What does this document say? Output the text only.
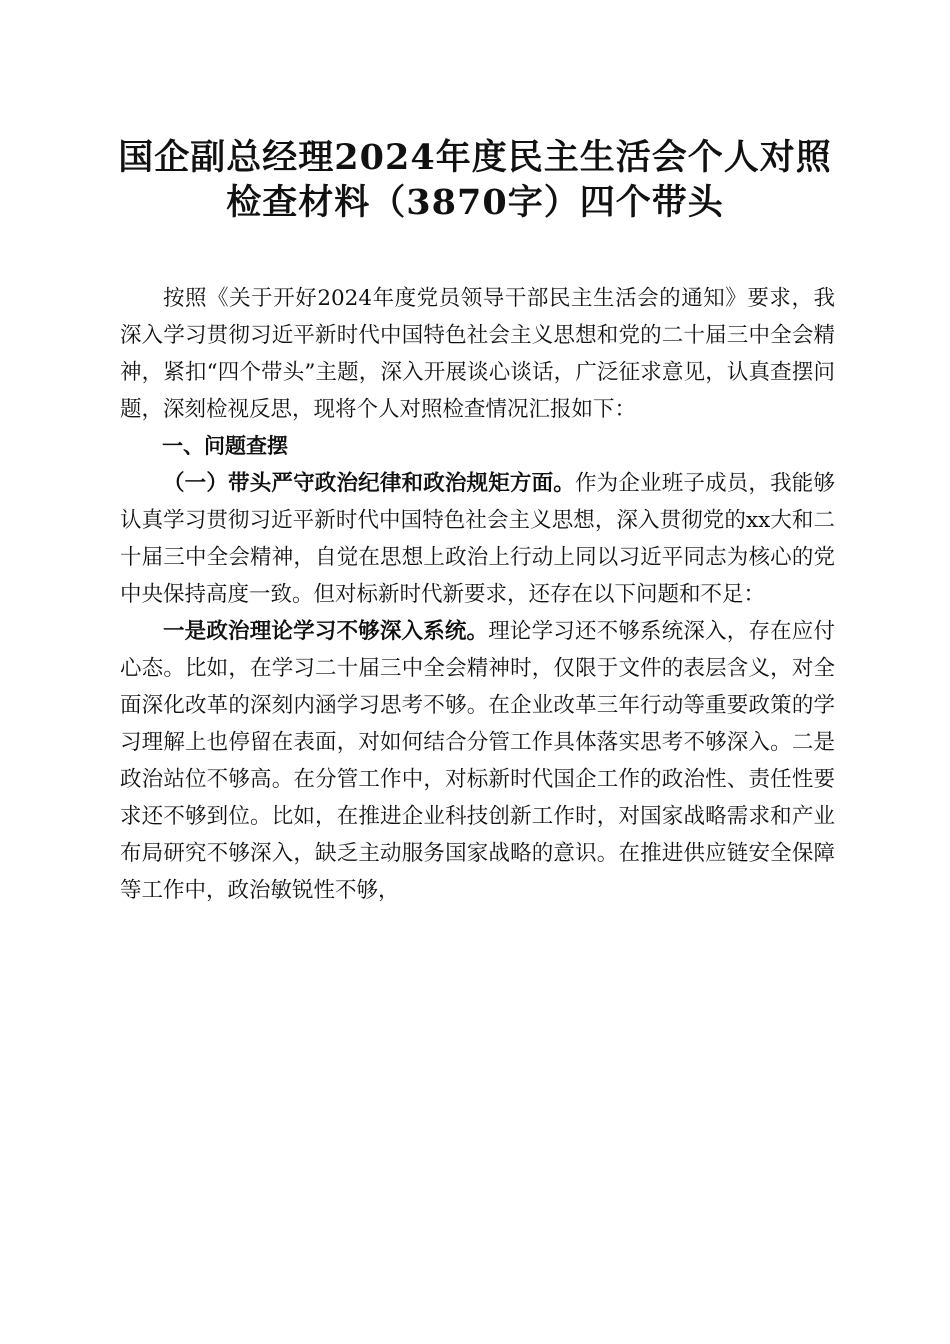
国企副总经理2024年度民主生活会个人对照
检查材料（3870字）四个带头

按照《关于开好2024年度党员领导干部民主生活会的通知》要求，我深入学习贯彻习近平新时代中国特色社会主义思想和党的二十届三中全会精神，紧扣“四个带头”主题，深入开展谈心谈话，广泛征求意见，认真查摆问题，深刻检视反思，现将个人对照检查情况汇报如下：

一、问题查摆

（一）带头严守政治纪律和政治规矩方面。作为企业班子成员，我能够认真学习贯彻习近平新时代中国特色社会主义思想，深入贯彻党的xx大和二十届三中全会精神，自觉在思想上政治上行动上同以习近平同志为核心的党中央保持高度一致。但对标新时代新要求，还存在以下问题和不足：

一是政治理论学习不够深入系统。理论学习还不够系统深入，存在应付心态。比如，在学习二十届三中全会精神时，仅限于文件的表层含义，对全面深化改革的深刻内涵学习思考不够。在企业改革三年行动等重要政策的学习理解上也停留在表面，对如何结合分管工作具体落实思考不够深入。二是政治站位不够高。在分管工作中，对标新时代国企工作的政治性、责任性要求还不够到位。比如，在推进企业科技创新工作时，对国家战略需求和产业布局研究不够深入，缺乏主动服务国家战略的意识。在推进供应链安全保障等工作中，政治敏锐性不够，
